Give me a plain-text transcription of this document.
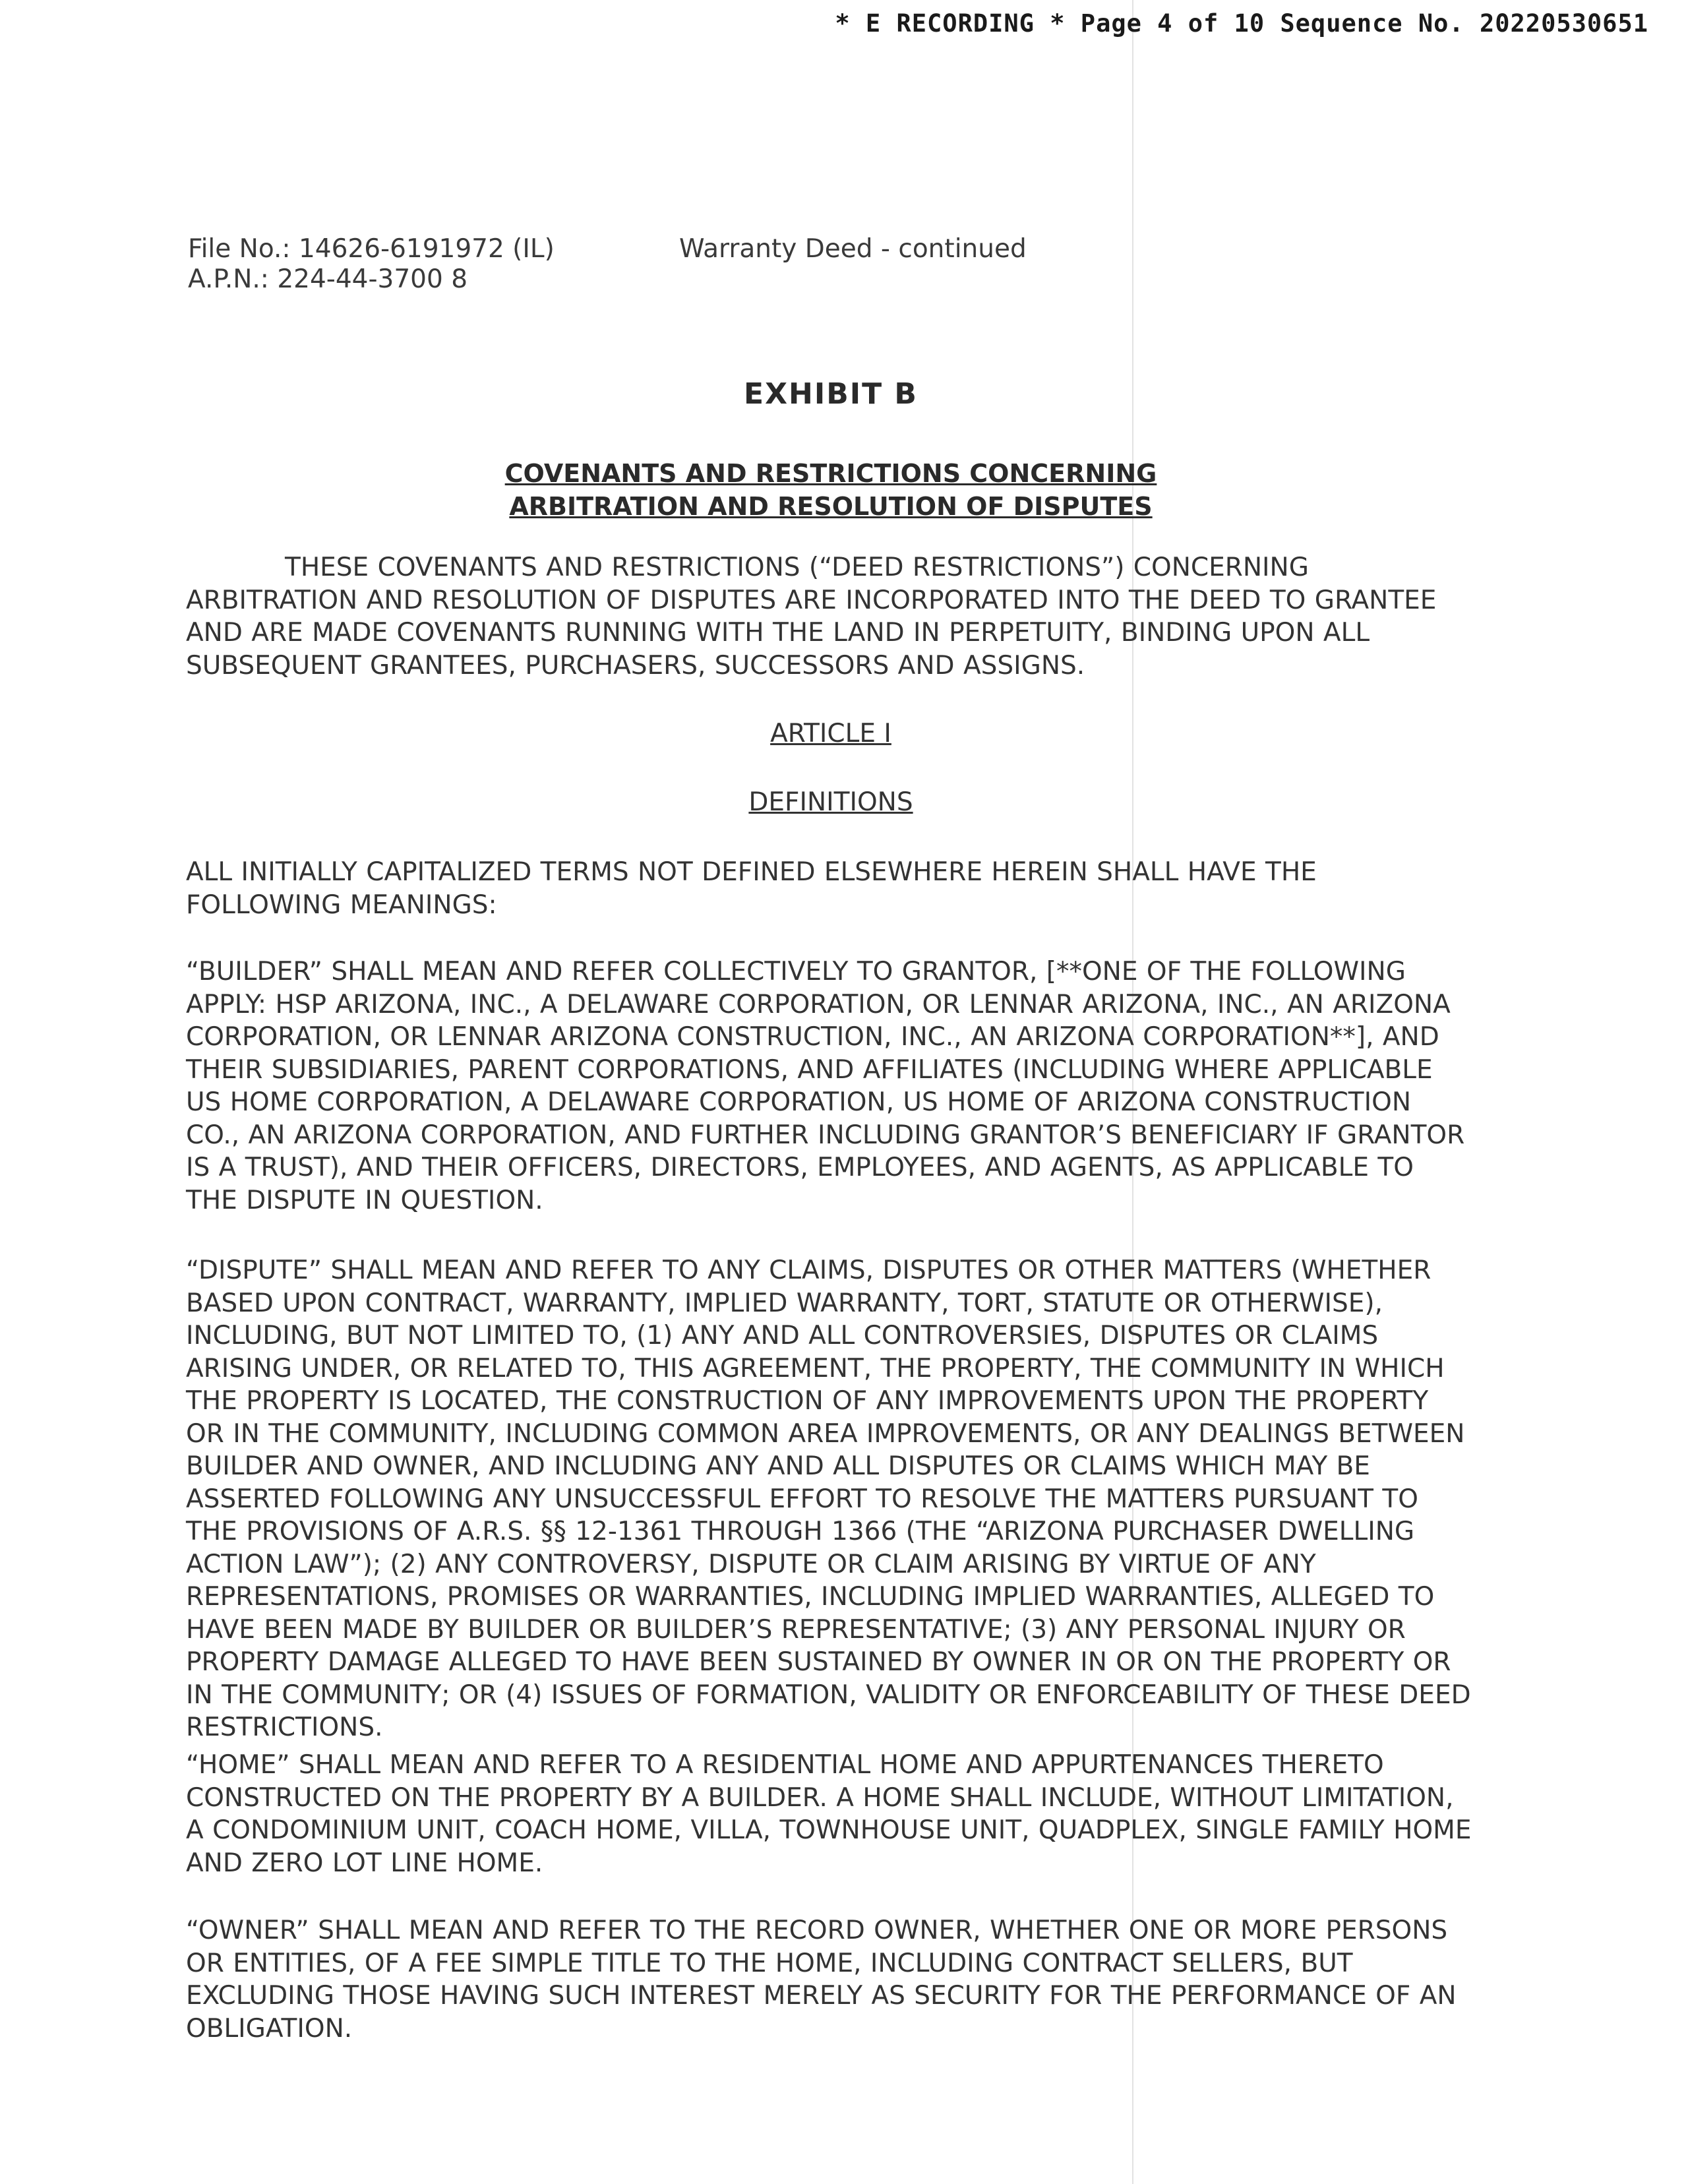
* E RECORDING * Page 4 of 10 Sequence No. 20220530651
File No.: 14626-6191972 (IL)
A.P.N.: 224-44-3700 8
Warranty Deed - continued
EXHIBIT B
COVENANTS AND RESTRICTIONS CONCERNING
ARBITRATION AND RESOLUTION OF DISPUTES
THESE COVENANTS AND RESTRICTIONS (“DEED RESTRICTIONS”) CONCERNING ARBITRATION AND RESOLUTION OF DISPUTES ARE INCORPORATED INTO THE DEED TO GRANTEE AND ARE MADE COVENANTS RUNNING WITH THE LAND IN PERPETUITY, BINDING UPON ALL SUBSEQUENT GRANTEES, PURCHASERS, SUCCESSORS AND ASSIGNS.
ARTICLE I
DEFINITIONS
ALL INITIALLY CAPITALIZED TERMS NOT DEFINED ELSEWHERE HEREIN SHALL HAVE THE FOLLOWING MEANINGS:
“BUILDER” SHALL MEAN AND REFER COLLECTIVELY TO GRANTOR, [**ONE OF THE FOLLOWING APPLY: HSP ARIZONA, INC., A DELAWARE CORPORATION, OR LENNAR ARIZONA, INC., AN ARIZONA CORPORATION, OR LENNAR ARIZONA CONSTRUCTION, INC., AN ARIZONA CORPORATION**], AND THEIR SUBSIDIARIES, PARENT CORPORATIONS, AND AFFILIATES (INCLUDING WHERE APPLICABLE US HOME CORPORATION, A DELAWARE CORPORATION, US HOME OF ARIZONA CONSTRUCTION CO., AN ARIZONA CORPORATION, AND FURTHER INCLUDING GRANTOR’S BENEFICIARY IF GRANTOR IS A TRUST), AND THEIR OFFICERS, DIRECTORS, EMPLOYEES, AND AGENTS, AS APPLICABLE TO THE DISPUTE IN QUESTION.
“DISPUTE” SHALL MEAN AND REFER TO ANY CLAIMS, DISPUTES OR OTHER MATTERS (WHETHER BASED UPON CONTRACT, WARRANTY, IMPLIED WARRANTY, TORT, STATUTE OR OTHERWISE), INCLUDING, BUT NOT LIMITED TO, (1) ANY AND ALL CONTROVERSIES, DISPUTES OR CLAIMS ARISING UNDER, OR RELATED TO, THIS AGREEMENT, THE PROPERTY, THE COMMUNITY IN WHICH THE PROPERTY IS LOCATED, THE CONSTRUCTION OF ANY IMPROVEMENTS UPON THE PROPERTY OR IN THE COMMUNITY, INCLUDING COMMON AREA IMPROVEMENTS, OR ANY DEALINGS BETWEEN BUILDER AND OWNER, AND INCLUDING ANY AND ALL DISPUTES OR CLAIMS WHICH MAY BE ASSERTED FOLLOWING ANY UNSUCCESSFUL EFFORT TO RESOLVE THE MATTERS PURSUANT TO THE PROVISIONS OF A.R.S. §§ 12-1361 THROUGH 1366 (THE “ARIZONA PURCHASER DWELLING ACTION LAW”); (2) ANY CONTROVERSY, DISPUTE OR CLAIM ARISING BY VIRTUE OF ANY REPRESENTATIONS, PROMISES OR WARRANTIES, INCLUDING IMPLIED WARRANTIES, ALLEGED TO HAVE BEEN MADE BY BUILDER OR BUILDER’S REPRESENTATIVE; (3) ANY PERSONAL INJURY OR PROPERTY DAMAGE ALLEGED TO HAVE BEEN SUSTAINED BY OWNER IN OR ON THE PROPERTY OR IN THE COMMUNITY; OR (4) ISSUES OF FORMATION, VALIDITY OR ENFORCEABILITY OF THESE DEED RESTRICTIONS.
“HOME” SHALL MEAN AND REFER TO A RESIDENTIAL HOME AND APPURTENANCES THERETO CONSTRUCTED ON THE PROPERTY BY A BUILDER. A HOME SHALL INCLUDE, WITHOUT LIMITATION, A CONDOMINIUM UNIT, COACH HOME, VILLA, TOWNHOUSE UNIT, QUADPLEX, SINGLE FAMILY HOME AND ZERO LOT LINE HOME.
“OWNER” SHALL MEAN AND REFER TO THE RECORD OWNER, WHETHER ONE OR MORE PERSONS OR ENTITIES, OF A FEE SIMPLE TITLE TO THE HOME, INCLUDING CONTRACT SELLERS, BUT EXCLUDING THOSE HAVING SUCH INTEREST MERELY AS SECURITY FOR THE PERFORMANCE OF AN OBLIGATION.
